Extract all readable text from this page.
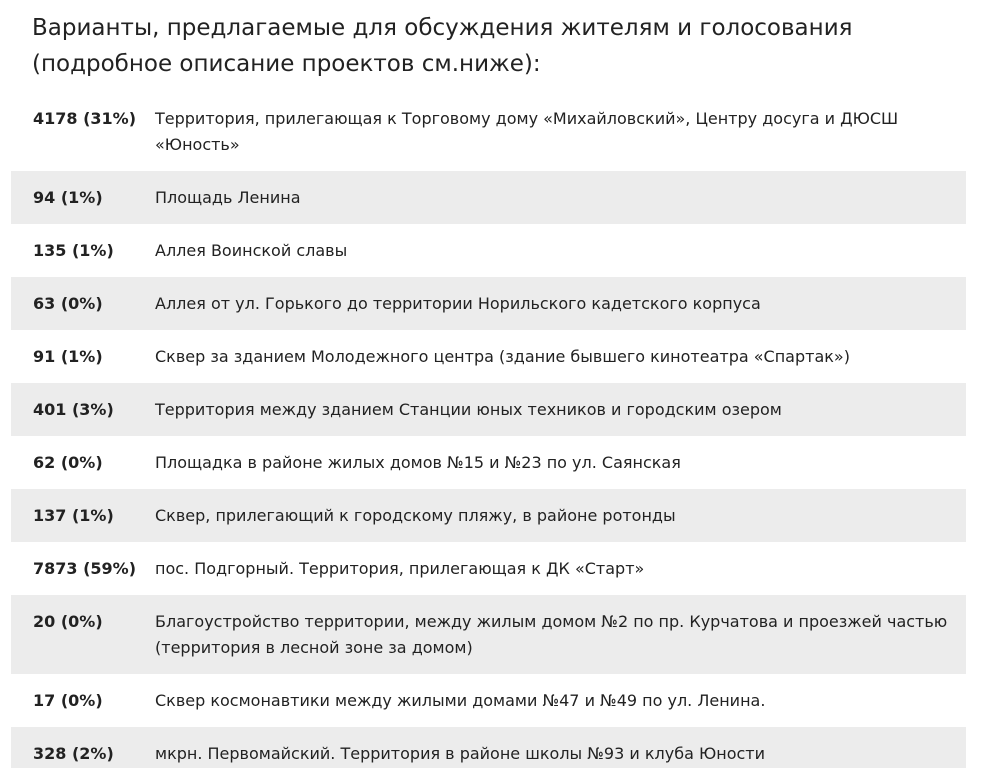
Варианты, предлагаемые для обсуждения жителям и голосования (подробное описание проектов см.ниже):
4178 (31%)	Территория, прилегающая к Торговому дому «Михайловский», Центру досуга и ДЮСШ «Юность»
94 (1%)	Площадь Ленина
135 (1%)	Аллея Воинской славы
63 (0%)	Аллея от ул. Горького до территории Норильского кадетского корпуса
91 (1%)	Сквер за зданием Молодежного центра (здание бывшего кинотеатра «Спартак»)
401 (3%)	Территория между зданием Станции юных техников и городским озером
62 (0%)	Площадка в районе жилых домов №15 и №23 по ул. Саянская
137 (1%)	Сквер, прилегающий к городскому пляжу, в районе ротонды
7873 (59%)	пос. Подгорный. Территория, прилегающая к ДК «Старт»
20 (0%)	Благоустройство территории, между жилым домом №2 по пр. Курчатова и проезжей частью (территория в лесной зоне за домом)
17 (0%)	Сквер космонавтики между жилыми домами №47 и №49 по ул. Ленина.
328 (2%)	мкрн. Первомайский. Территория в районе школы №93 и клуба Юности
